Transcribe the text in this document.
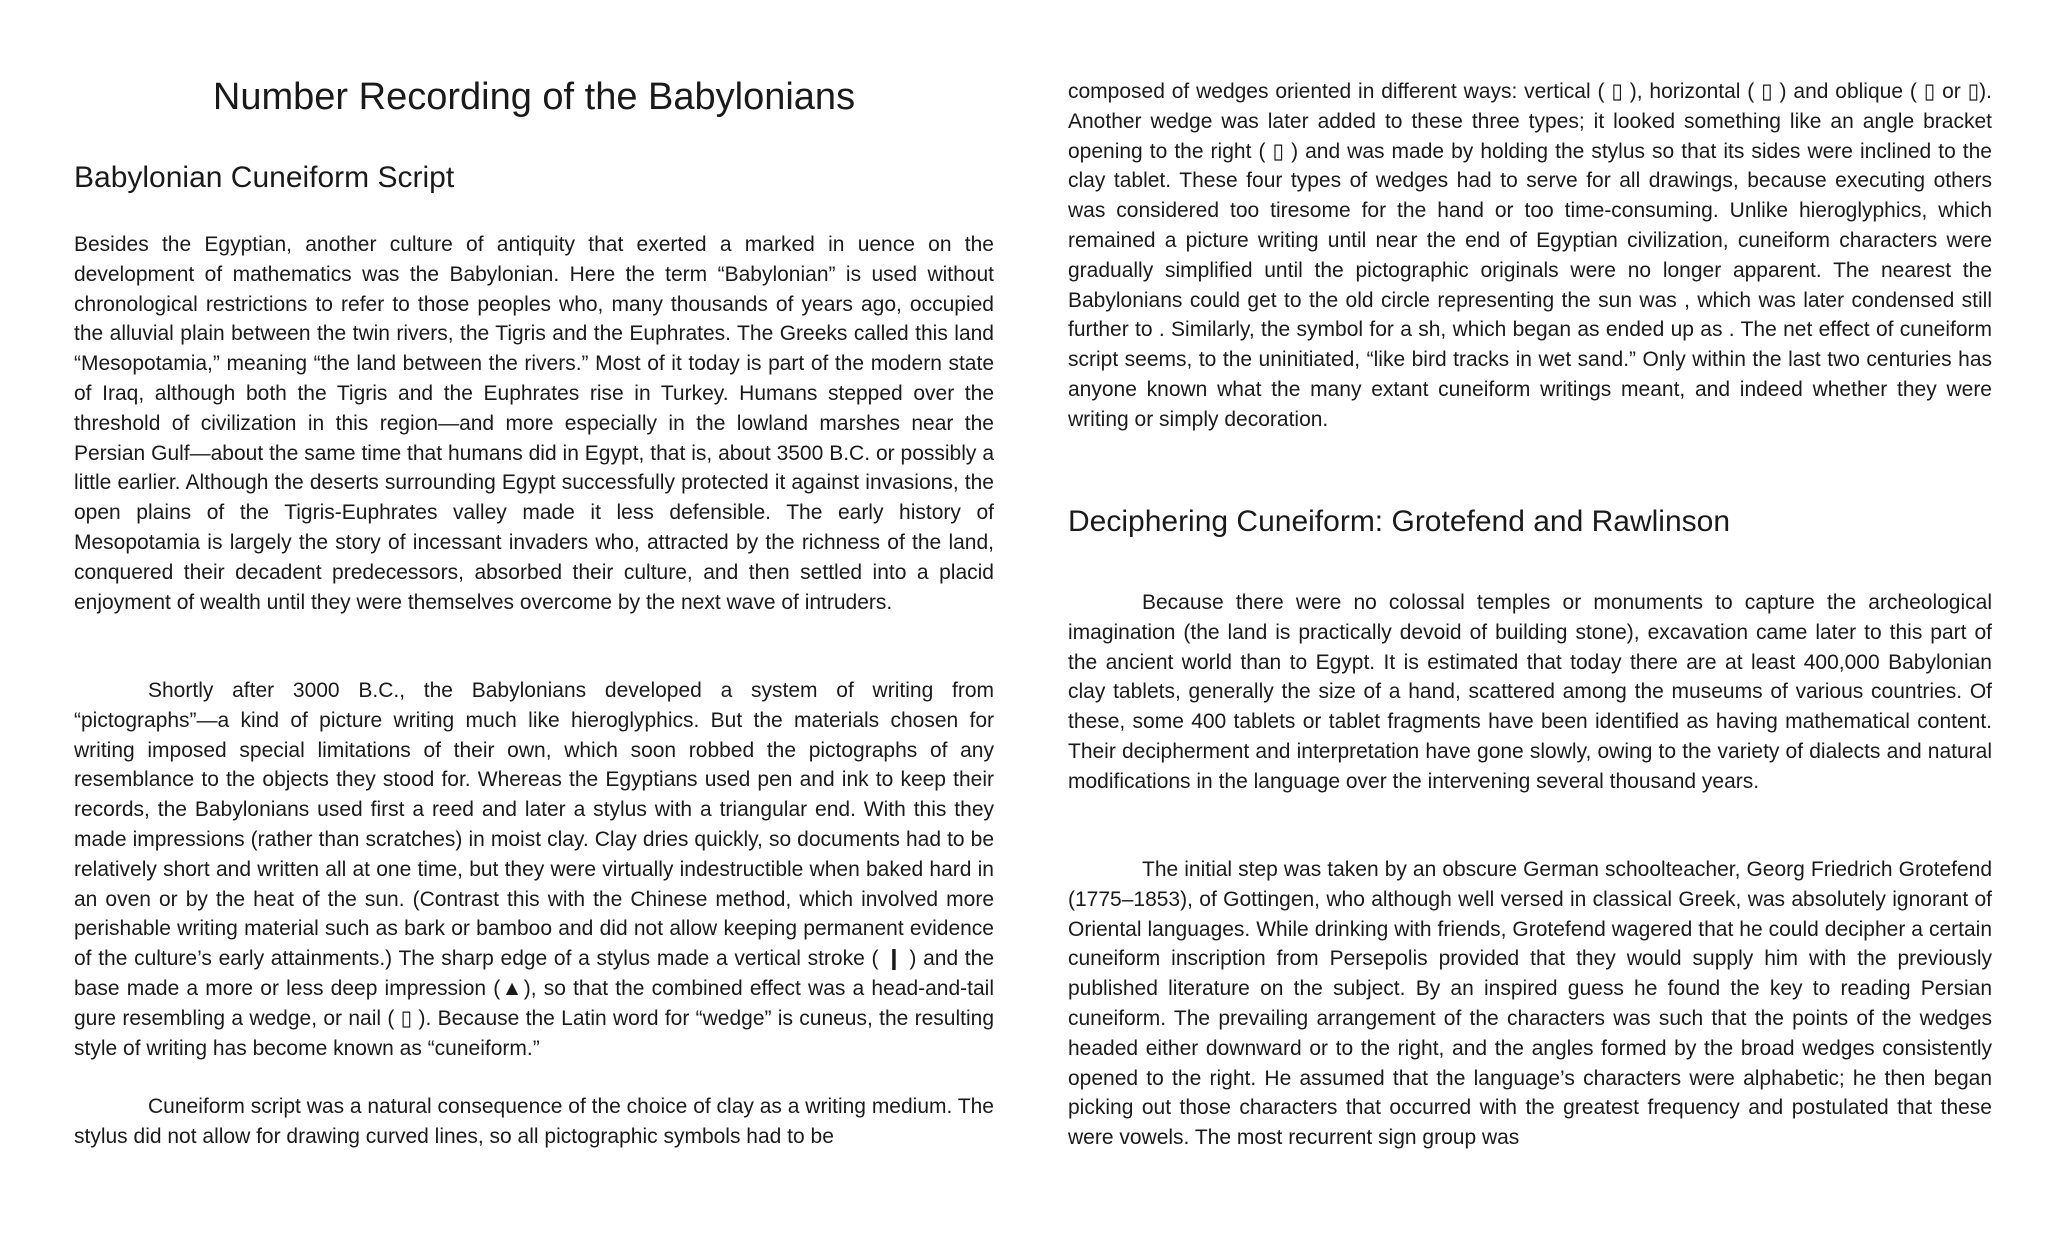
Number Recording of the Babylonians
Babylonian Cuneiform Script

Besides the Egyptian, another culture of antiquity that exerted a marked in uence on the development of mathematics was the Babylonian. Here the term “Babylonian” is used without chronological restrictions to refer to those peoples who, many thousands of years ago, occupied the alluvial plain between the twin rivers, the Tigris and the Euphrates. The Greeks called this land “Mesopotamia,” meaning “the land between the rivers.” Most of it today is part of the modern state of Iraq, although both the Tigris and the Euphrates rise in Turkey. Humans stepped over the threshold of civilization in this region—and more especially in the lowland marshes near the Persian Gulf—about the same time that humans did in Egypt, that is, about 3500 B.C. or possibly a little earlier. Although the deserts surrounding Egypt successfully protected it against invasions, the open plains of the Tigris-Euphrates valley made it less defensible. The early history of Mesopotamia is largely the story of incessant invaders who, attracted by the richness of the land, conquered their decadent predecessors, absorbed their culture, and then settled into a placid enjoyment of wealth until they were themselves overcome by the next wave of intruders.

Shortly after 3000 B.C., the Babylonians developed a system of writing from “pictographs”—a kind of picture writing much like hieroglyphics. But the materials chosen for writing imposed special limitations of their own, which soon robbed the pictographs of any resemblance to the objects they stood for. Whereas the Egyptians used pen and ink to keep their records, the Babylonians used first a reed and later a stylus with a triangular end. With this they made impressions (rather than scratches) in moist clay. Clay dries quickly, so documents had to be relatively short and written all at one time, but they were virtually indestructible when baked hard in an oven or by the heat of the sun. (Contrast this with the Chinese method, which involved more perishable writing material such as bark or bamboo and did not allow keeping permanent evidence of the culture’s early attainments.) The sharp edge of a stylus made a vertical stroke ( ❙ ) and the base made a more or less deep impression (▲), so that the combined effect was a head-and-tail gure resembling a wedge, or nail ( ▯ ). Because the Latin word for “wedge” is cuneus, the resulting style of writing has become known as “cuneiform.”

Cuneiform script was a natural consequence of the choice of clay as a writing medium. The stylus did not allow for drawing curved lines, so all pictographic symbols had to be

composed of wedges oriented in different ways: vertical ( ▯ ), horizontal ( ▯ ) and oblique ( ▯ or ▯). Another wedge was later added to these three types; it looked something like an angle bracket opening to the right ( ▯ ) and was made by holding the stylus so that its sides were inclined to the clay tablet. These four types of wedges had to serve for all drawings, because executing others was considered too tiresome for the hand or too time-consuming. Unlike hieroglyphics, which remained a picture writing until near the end of Egyptian civilization, cuneiform characters were gradually simplified until the pictographic originals were no longer apparent. The nearest the Babylonians could get to the old circle representing the sun was , which was later condensed still further to . Similarly, the symbol for a sh, which began as ended up as . The net effect of cuneiform script seems, to the uninitiated, “like bird tracks in wet sand.” Only within the last two centuries has anyone known what the many extant cuneiform writings meant, and indeed whether they were writing or simply decoration.

Deciphering Cuneiform: Grotefend and Rawlinson

Because there were no colossal temples or monuments to capture the archeological imagination (the land is practically devoid of building stone), excavation came later to this part of the ancient world than to Egypt. It is estimated that today there are at least 400,000 Babylonian clay tablets, generally the size of a hand, scattered among the museums of various countries. Of these, some 400 tablets or tablet fragments have been identified as having mathematical content. Their decipherment and interpretation have gone slowly, owing to the variety of dialects and natural modifications in the language over the intervening several thousand years.

The initial step was taken by an obscure German schoolteacher, Georg Friedrich Grotefend (1775–1853), of Gottingen, who although well versed in classical Greek, was absolutely ignorant of Oriental languages. While drinking with friends, Grotefend wagered that he could decipher a certain cuneiform inscription from Persepolis provided that they would supply him with the previously published literature on the subject. By an inspired guess he found the key to reading Persian cuneiform. The prevailing arrangement of the characters was such that the points of the wedges headed either downward or to the right, and the angles formed by the broad wedges consistently opened to the right. He assumed that the language’s characters were alphabetic; he then began picking out those characters that occurred with the greatest frequency and postulated that these were vowels. The most recurrent sign group was
